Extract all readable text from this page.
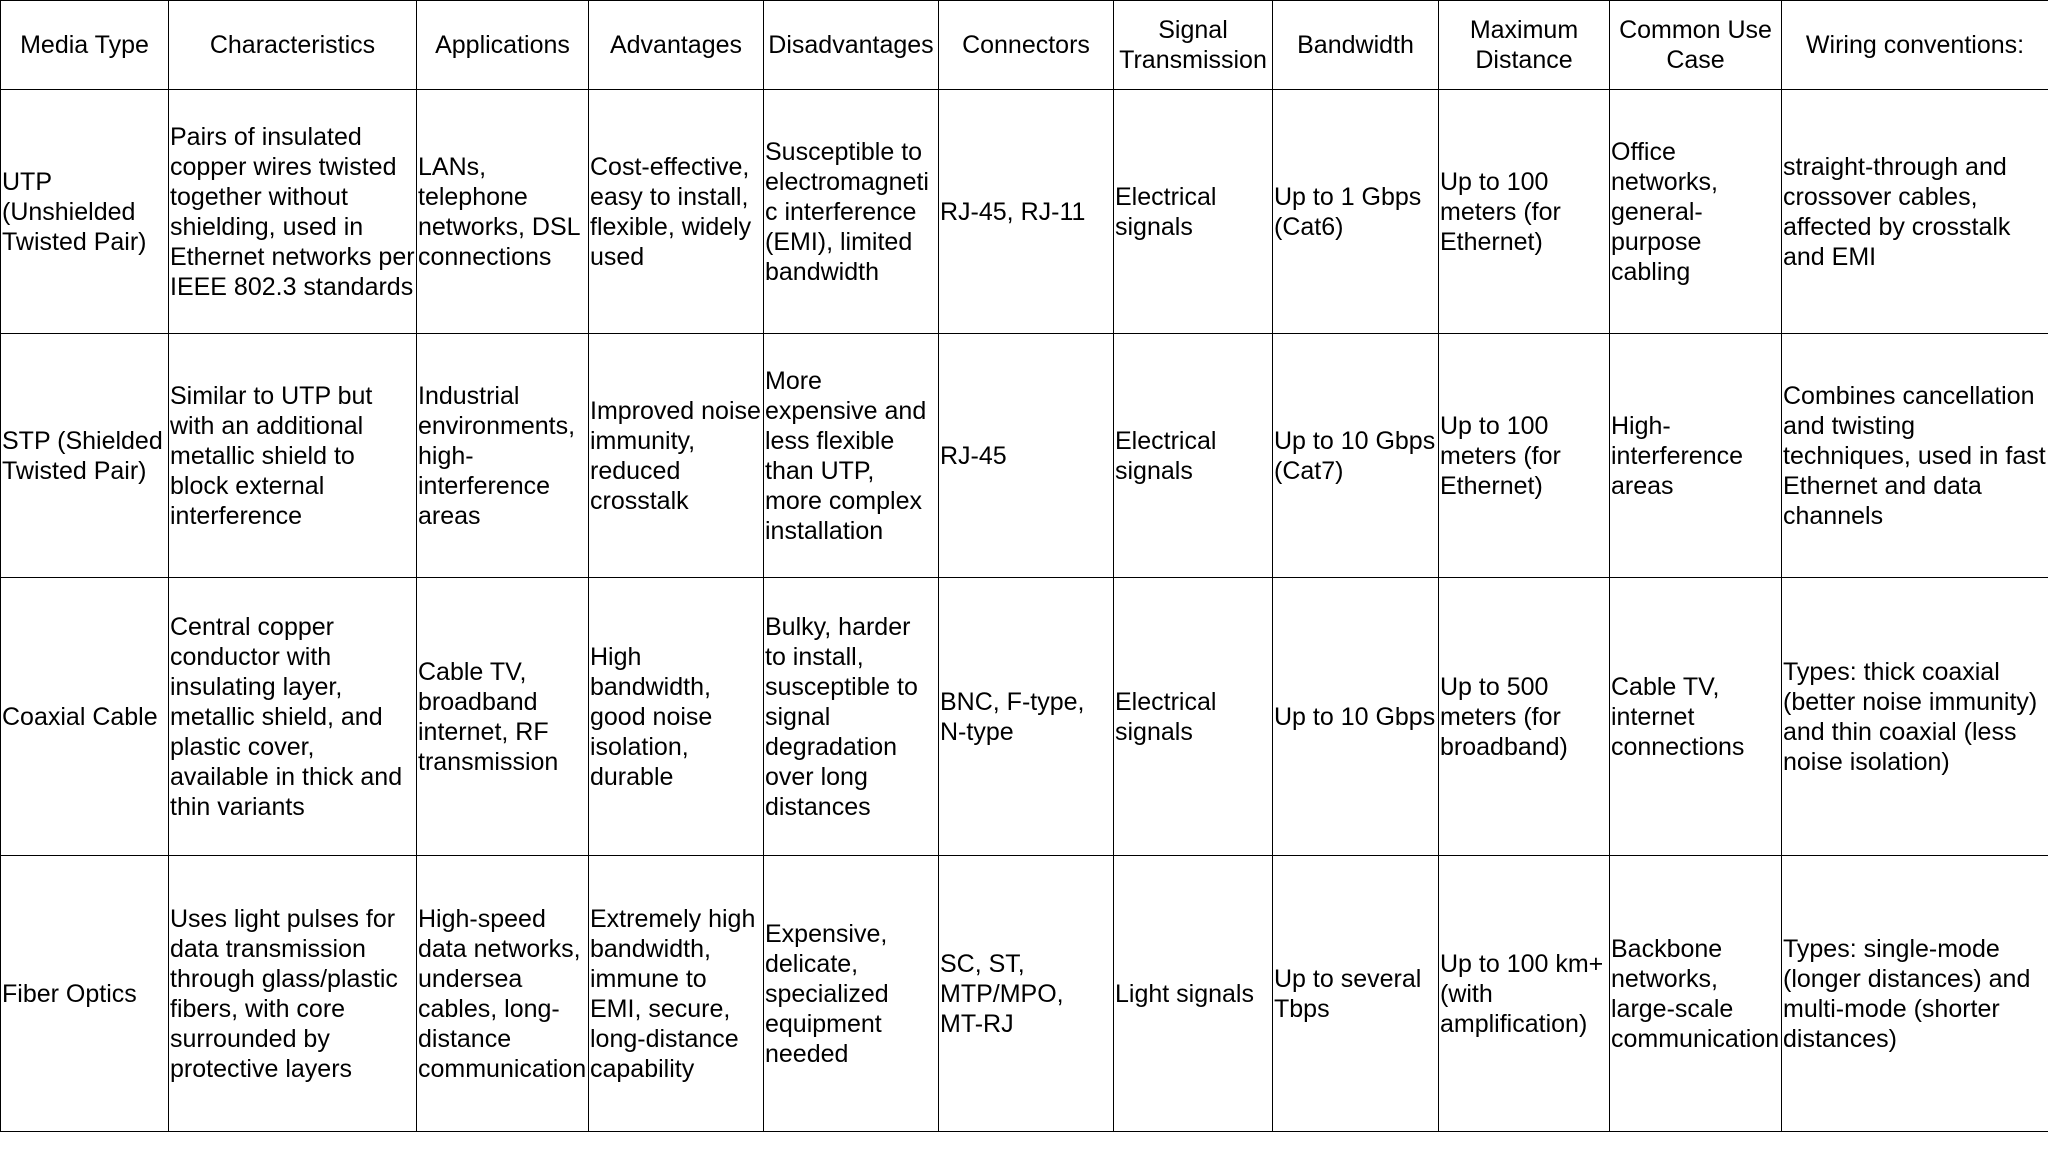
Media Type	Characteristics	Applications	Advantages	Disadvantages	Connectors	Signal Transmission	Bandwidth	Maximum Distance	Common Use Case	Wiring conventions:
UTP (Unshielded Twisted Pair)	Pairs of insulated copper wires twisted together without shielding, used in Ethernet networks per IEEE 802.3 standards	LANs, telephone networks, DSL connections	Cost-effective, easy to install, flexible, widely used	Susceptible to electromagnetic interference (EMI), limited bandwidth	RJ-45, RJ-11	Electrical signals	Up to 1 Gbps (Cat6)	Up to 100 meters (for Ethernet)	Office networks, general-purpose cabling	straight-through and crossover cables, affected by crosstalk and EMI
STP (Shielded Twisted Pair)	Similar to UTP but with an additional metallic shield to block external interference	Industrial environments, high-interference areas	Improved noise immunity, reduced crosstalk	More expensive and less flexible than UTP, more complex installation	RJ-45	Electrical signals	Up to 10 Gbps (Cat7)	Up to 100 meters (for Ethernet)	High-interference areas	Combines cancellation and twisting techniques, used in fast Ethernet and data channels
Coaxial Cable	Central copper conductor with insulating layer, metallic shield, and plastic cover, available in thick and thin variants	Cable TV, broadband internet, RF transmission	High bandwidth, good noise isolation, durable	Bulky, harder to install, susceptible to signal degradation over long distances	BNC, F-type, N-type	Electrical signals	Up to 10 Gbps	Up to 500 meters (for broadband)	Cable TV, internet connections	Types: thick coaxial (better noise immunity) and thin coaxial (less noise isolation)
Fiber Optics	Uses light pulses for data transmission through glass/plastic fibers, with core surrounded by protective layers	High-speed data networks, undersea cables, long-distance communication	Extremely high bandwidth, immune to EMI, secure, long-distance capability	Expensive, delicate, specialized equipment needed	SC, ST, MTP/MPO, MT-RJ	Light signals	Up to several Tbps	Up to 100 km+ (with amplification)	Backbone networks, large-scale communication	Types: single-mode (longer distances) and multi-mode (shorter distances)
